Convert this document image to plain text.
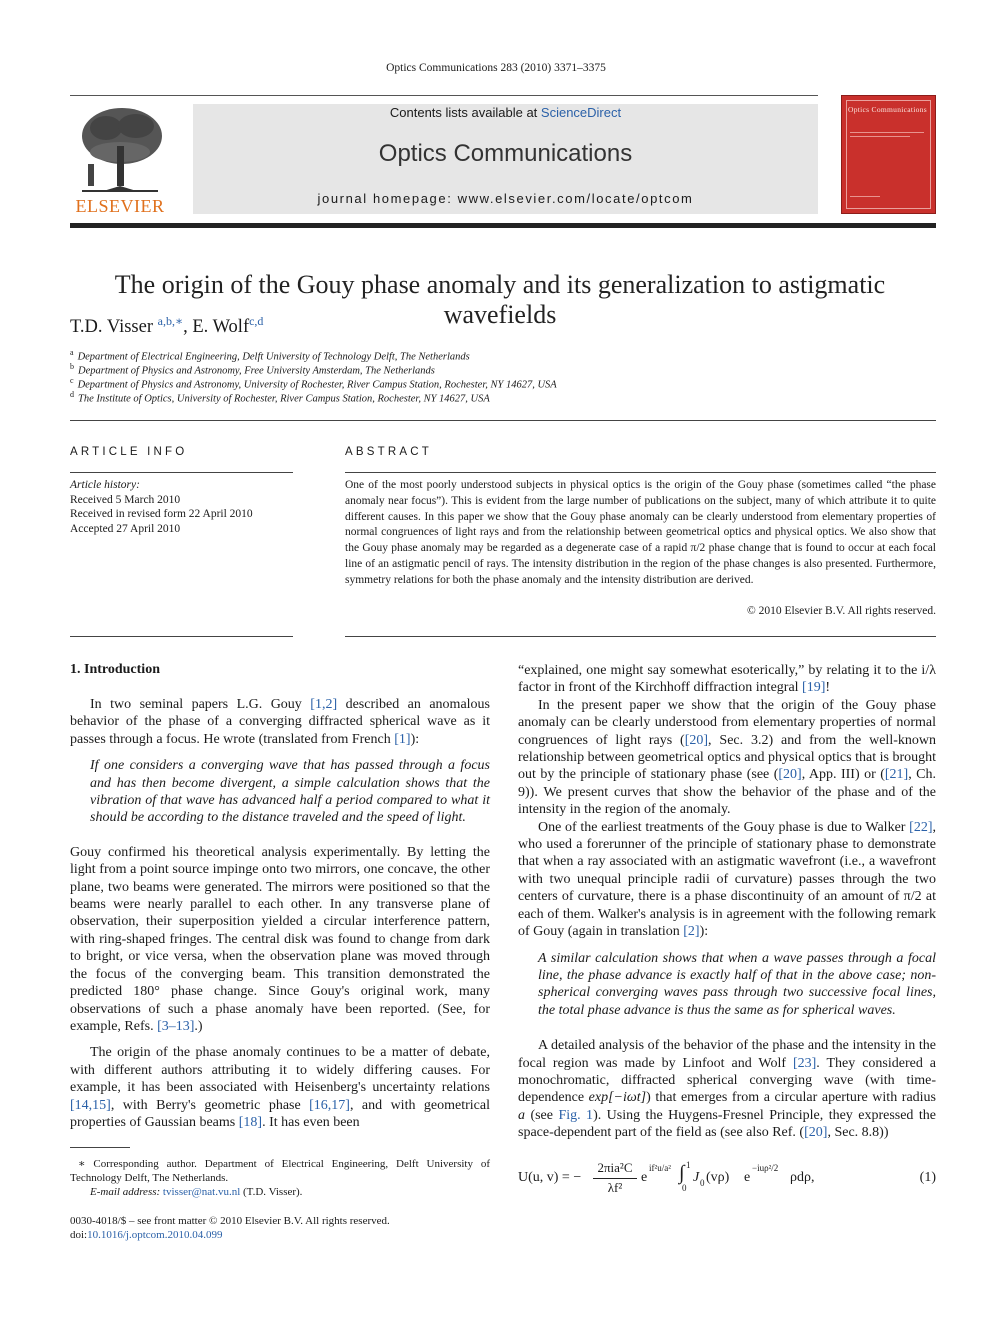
Optics Communications 283 (2010) 3371–3375
ELSEVIER
Contents lists available at ScienceDirect
Optics Communications
journal homepage: www.elsevier.com/locate/optcom
Optics Communications
The origin of the Gouy phase anomaly and its generalization to astigmatic wavefields
T.D. Visser $^{a,b,∗}$, E. Wolf$^{c,d}$
$^a$ Department of Electrical Engineering, Delft University of Technology Delft, The Netherlands
$^b$ Department of Physics and Astronomy, Free University Amsterdam, The Netherlands
$^c$ Department of Physics and Astronomy, University of Rochester, River Campus Station, Rochester, NY 14627, USA
$^d$ The Institute of Optics, University of Rochester, River Campus Station, Rochester, NY 14627, USA
ARTICLE INFO
Article history:
Received 5 March 2010
Received in revised form 22 April 2010
Accepted 27 April 2010
ABSTRACT
One of the most poorly understood subjects in physical optics is the origin of the Gouy phase (sometimes called “the phase anomaly near focus”). This is evident from the large number of publications on the subject, many of which attribute it to quite different causes. In this paper we show that the Gouy phase anomaly can be clearly understood from elementary properties of normal congruences of light rays and from the relationship between geometrical optics and physical optics. We also show that the Gouy phase anomaly may be regarded as a degenerate case of a rapid π/2 phase change that is found to occur at each focal line of an astigmatic pencil of rays. The intensity distribution in the region of the phase changes is also presented. Furthermore, symmetry relations for both the phase anomaly and the intensity distribution are derived.
© 2010 Elsevier B.V. All rights reserved.
1. Introduction

In two seminal papers L.G. Gouy [1,2] described an anomalous behavior of the phase of a converging diffracted spherical wave as it passes through a focus. He wrote (translated from French [1]):

If one considers a converging wave that has passed through a focus and has then become divergent, a simple calculation shows that the vibration of that wave has advanced half a period compared to what it should be according to the distance traveled and the speed of light.

Gouy confirmed his theoretical analysis experimentally. By letting the light from a point source impinge onto two mirrors, one concave, the other plane, two beams were generated. The mirrors were positioned so that the beams were nearly parallel to each other. In any transverse plane of observation, their superposition yielded a circular interference pattern, with ring-shaped fringes. The central disk was found to change from dark to bright, or vice versa, when the observation plane was moved through the focus of the converging beam. This transition demonstrated the predicted 180° phase change. Since Gouy's original work, many observations of such a phase anomaly have been reported. (See, for example, Refs. [3–13].)

The origin of the phase anomaly continues to be a matter of debate, with different authors attributing it to widely differing causes. For example, it has been associated with Heisenberg's uncertainty relations [14,15], with Berry's geometric phase [16,17], and with geometrical properties of Gaussian beams [18]. It has even been

∗ Corresponding author. Department of Electrical Engineering, Delft University of Technology Delft, The Netherlands.
E-mail address: tvisser@nat.vu.nl (T.D. Visser).
0030-4018/$ – see front matter © 2010 Elsevier B.V. All rights reserved.
doi:10.1016/j.optcom.2010.04.099

“explained, one might say somewhat esoterically,” by relating it to the i/λ factor in front of the Kirchhoff diffraction integral [19]!

In the present paper we show that the origin of the Gouy phase anomaly can be clearly understood from elementary properties of normal congruences of light rays ([20], Sec. 3.2) and from the well-known relationship between geometrical optics and physical optics that is brought out by the principle of stationary phase (see ([20], App. III) or ([21], Ch. 9)). We present curves that show the behavior of the phase and of the intensity in the region of the anomaly.

One of the earliest treatments of the Gouy phase is due to Walker [22], who used a forerunner of the principle of stationary phase to demonstrate that when a ray associated with an astigmatic wavefront (i.e., a wavefront with two unequal principle radii of curvature) passes through the two centers of curvature, there is a phase discontinuity of an amount of π/2 at each of them. Walker's analysis is in agreement with the following remark of Gouy (again in translation [2]):

A similar calculation shows that when a wave passes through a focal line, the phase advance is exactly half of that in the above case; non-spherical converging waves pass through two successive focal lines, the total phase advance is thus the same as for spherical waves.

A detailed analysis of the behavior of the phase and the intensity in the focal region was made by Linfoot and Wolf [23]. They considered a monochromatic, diffracted spherical converging wave (with time-dependence exp[−iωt]) that emerges from a circular aperture with radius a (see Fig. 1). Using the Huygens-Fresnel Principle, they expressed the space-dependent part of the field as (see also Ref. ([20], Sec. 8.8))

U(u, v) = −
2πia²C
λf²
e
if²u/a² ∫ 1
0
J 0 (vρ) e
−iuρ²/2
ρdρ,	(1)
